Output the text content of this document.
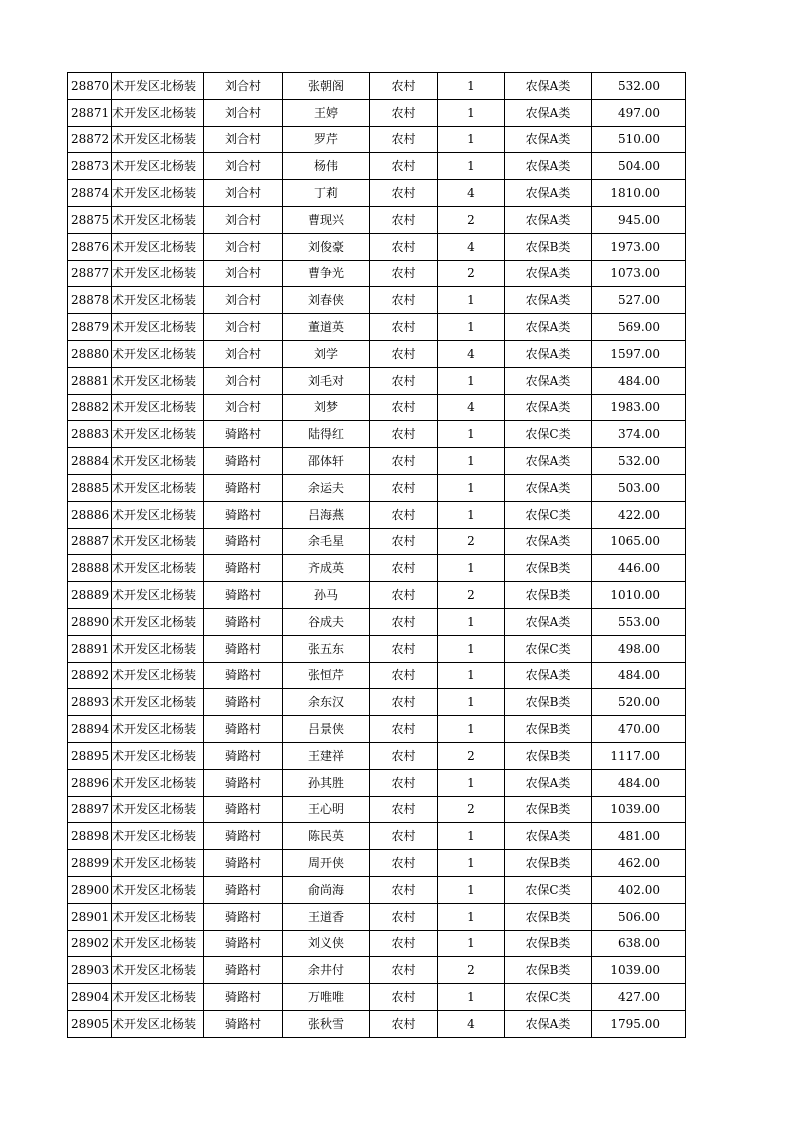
28870	术开发区北杨装	刘合村	张朝阁	农村	1	农保A类	532.00
28871	术开发区北杨装	刘合村	王婷	农村	1	农保A类	497.00
28872	术开发区北杨装	刘合村	罗芹	农村	1	农保A类	510.00
28873	术开发区北杨装	刘合村	杨伟	农村	1	农保A类	504.00
28874	术开发区北杨装	刘合村	丁莉	农村	4	农保A类	1810.00
28875	术开发区北杨装	刘合村	曹现兴	农村	2	农保A类	945.00
28876	术开发区北杨装	刘合村	刘俊豪	农村	4	农保B类	1973.00
28877	术开发区北杨装	刘合村	曹争光	农村	2	农保A类	1073.00
28878	术开发区北杨装	刘合村	刘春侠	农村	1	农保A类	527.00
28879	术开发区北杨装	刘合村	董道英	农村	1	农保A类	569.00
28880	术开发区北杨装	刘合村	刘学	农村	4	农保A类	1597.00
28881	术开发区北杨装	刘合村	刘毛对	农村	1	农保A类	484.00
28882	术开发区北杨装	刘合村	刘梦	农村	4	农保A类	1983.00
28883	术开发区北杨装	骑路村	陆得红	农村	1	农保C类	374.00
28884	术开发区北杨装	骑路村	邵体轩	农村	1	农保A类	532.00
28885	术开发区北杨装	骑路村	余运夫	农村	1	农保A类	503.00
28886	术开发区北杨装	骑路村	吕海燕	农村	1	农保C类	422.00
28887	术开发区北杨装	骑路村	余毛星	农村	2	农保A类	1065.00
28888	术开发区北杨装	骑路村	齐成英	农村	1	农保B类	446.00
28889	术开发区北杨装	骑路村	孙马	农村	2	农保B类	1010.00
28890	术开发区北杨装	骑路村	谷成夫	农村	1	农保A类	553.00
28891	术开发区北杨装	骑路村	张五东	农村	1	农保C类	498.00
28892	术开发区北杨装	骑路村	张恒芹	农村	1	农保A类	484.00
28893	术开发区北杨装	骑路村	余东汉	农村	1	农保B类	520.00
28894	术开发区北杨装	骑路村	吕景侠	农村	1	农保B类	470.00
28895	术开发区北杨装	骑路村	王建祥	农村	2	农保B类	1117.00
28896	术开发区北杨装	骑路村	孙其胜	农村	1	农保A类	484.00
28897	术开发区北杨装	骑路村	王心明	农村	2	农保B类	1039.00
28898	术开发区北杨装	骑路村	陈民英	农村	1	农保A类	481.00
28899	术开发区北杨装	骑路村	周开侠	农村	1	农保B类	462.00
28900	术开发区北杨装	骑路村	俞尚海	农村	1	农保C类	402.00
28901	术开发区北杨装	骑路村	王道香	农村	1	农保B类	506.00
28902	术开发区北杨装	骑路村	刘义侠	农村	1	农保B类	638.00
28903	术开发区北杨装	骑路村	余井付	农村	2	农保B类	1039.00
28904	术开发区北杨装	骑路村	万唯唯	农村	1	农保C类	427.00
28905	术开发区北杨装	骑路村	张秋雪	农村	4	农保A类	1795.00
